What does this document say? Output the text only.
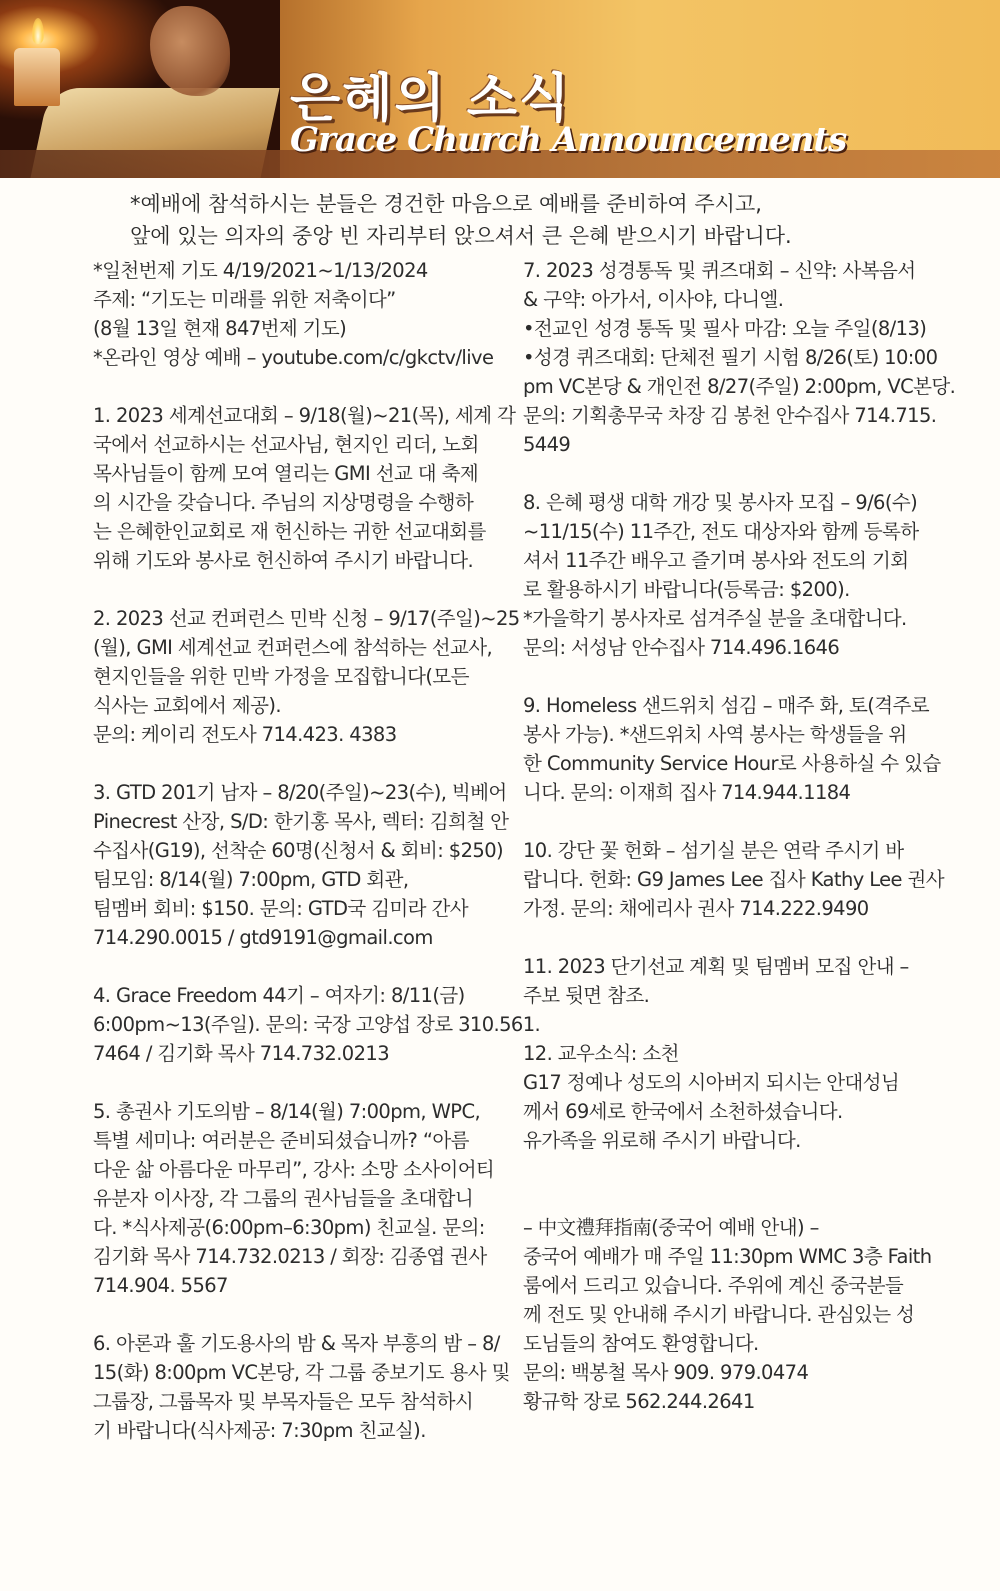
은혜의 소식
Grace Church Announcements

*예배에 참석하시는 분들은 경건한 마음으로 예배를 준비하여 주시고,

앞에 있는 의자의 중앙 빈 자리부터 앉으셔서 큰 은혜 받으시기 바랍니다.

*일천번제 기도 4/19/2021~1/13/2024
주제: “기도는 미래를 위한 저축이다”
(8월 13일 현재 847번제 기도)
*온라인 영상 예배 – youtube.com/c/gkctv/live
1. 2023 세계선교대회 – 9/18(월)~21(목), 세계 각
국에서 선교하시는 선교사님, 현지인 리더, 노회
목사님들이 함께 모여 열리는 GMI 선교 대 축제
의 시간을 갖습니다. 주님의 지상명령을 수행하
는 은혜한인교회로 재 헌신하는 귀한 선교대회를
위해 기도와 봉사로 헌신하여 주시기 바랍니다.
2. 2023 선교 컨퍼런스 민박 신청 – 9/17(주일)~25
(월), GMI 세계선교 컨퍼런스에 참석하는 선교사,
현지인들을 위한 민박 가정을 모집합니다(모든
식사는 교회에서 제공).
문의: 케이리 전도사 714.423. 4383
3. GTD 201기 남자 – 8/20(주일)~23(수), 빅베어
Pinecrest 산장, S/D: 한기홍 목사, 렉터: 김희철 안
수집사(G19), 선착순 60명(신청서 & 회비: $250)
팀모임: 8/14(월) 7:00pm, GTD 회관,
팀멤버 회비: $150. 문의: GTD국 김미라 간사
714.290.0015 / gtd9191@gmail.com
4. Grace Freedom 44기 – 여자기: 8/11(금)
6:00pm~13(주일). 문의: 국장 고양섭 장로 310.561.
7464 / 김기화 목사 714.732.0213
5. 총권사 기도의밤 – 8/14(월) 7:00pm, WPC,
특별 세미나: 여러분은 준비되셨습니까? “아름
다운 삶 아름다운 마무리”, 강사: 소망 소사이어티
유분자 이사장, 각 그룹의 권사님들을 초대합니
다. *식사제공(6:00pm–6:30pm) 친교실. 문의:
김기화 목사 714.732.0213 / 회장: 김종엽 권사
714.904. 5567
6. 아론과 훌 기도용사의 밤 & 목자 부흥의 밤 – 8/
15(화) 8:00pm VC본당, 각 그룹 중보기도 용사 및
그룹장, 그룹목자 및 부목자들은 모두 참석하시
기 바랍니다(식사제공: 7:30pm 친교실).
7. 2023 성경통독 및 퀴즈대회 – 신약: 사복음서
& 구약: 아가서, 이사야, 다니엘.
•전교인 성경 통독 및 필사 마감: 오늘 주일(8/13)
•성경 퀴즈대회: 단체전 필기 시험 8/26(토) 10:00
pm VC본당 & 개인전 8/27(주일) 2:00pm, VC본당.
문의: 기획총무국 차장 김 봉천 안수집사 714.715.
5449
8. 은혜 평생 대학 개강 및 봉사자 모집 – 9/6(수)
~11/15(수) 11주간, 전도 대상자와 함께 등록하
셔서 11주간 배우고 즐기며 봉사와 전도의 기회
로 활용하시기 바랍니다(등록금: $200).
*가을학기 봉사자로 섬겨주실 분을 초대합니다.
문의: 서성남 안수집사 714.496.1646
9. Homeless 샌드위치 섬김 – 매주 화, 토(격주로
봉사 가능). *샌드위치 사역 봉사는 학생들을 위
한 Community Service Hour로 사용하실 수 있습
니다. 문의: 이재희 집사 714.944.1184
10. 강단 꽃 헌화 – 섬기실 분은 연락 주시기 바
랍니다. 헌화: G9 James Lee 집사 Kathy Lee 권사
가정. 문의: 채에리사 권사 714.222.9490
11. 2023 단기선교 계획 및 팀멤버 모집 안내 –
주보 뒷면 참조.
12. 교우소식: 소천
G17 정예나 성도의 시아버지 되시는 안대성님
께서 69세로 한국에서 소천하셨습니다.
유가족을 위로해 주시기 바랍니다.
– 中文禮拜指南(중국어 예배 안내) –
중국어 예배가 매 주일 11:30pm WMC 3층 Faith
룸에서 드리고 있습니다. 주위에 계신 중국분들
께 전도 및 안내해 주시기 바랍니다. 관심있는 성
도님들의 참여도 환영합니다.
문의: 백봉철 목사 909. 979.0474
황규학 장로 562.244.2641
